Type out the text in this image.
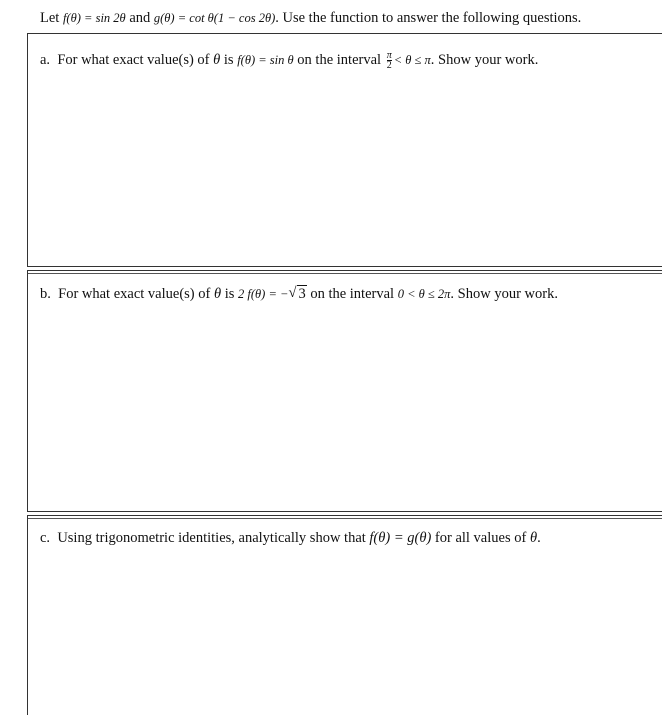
Let f(θ) = sin 2θ and g(θ) = cot θ(1 − cos 2θ). Use the function to answer the following questions.
a. For what exact value(s) of θ is f(θ) = sin θ on the interval $\frac{\pi}{2} < \theta \le \pi$. Show your work.
b. For what exact value(s) of θ is 2 f(θ) = − √ 3 on the interval 0 < θ ≤ 2π. Show your work.
c. Using trigonometric identities, analytically show that f(θ) = g(θ) for all values of θ.
